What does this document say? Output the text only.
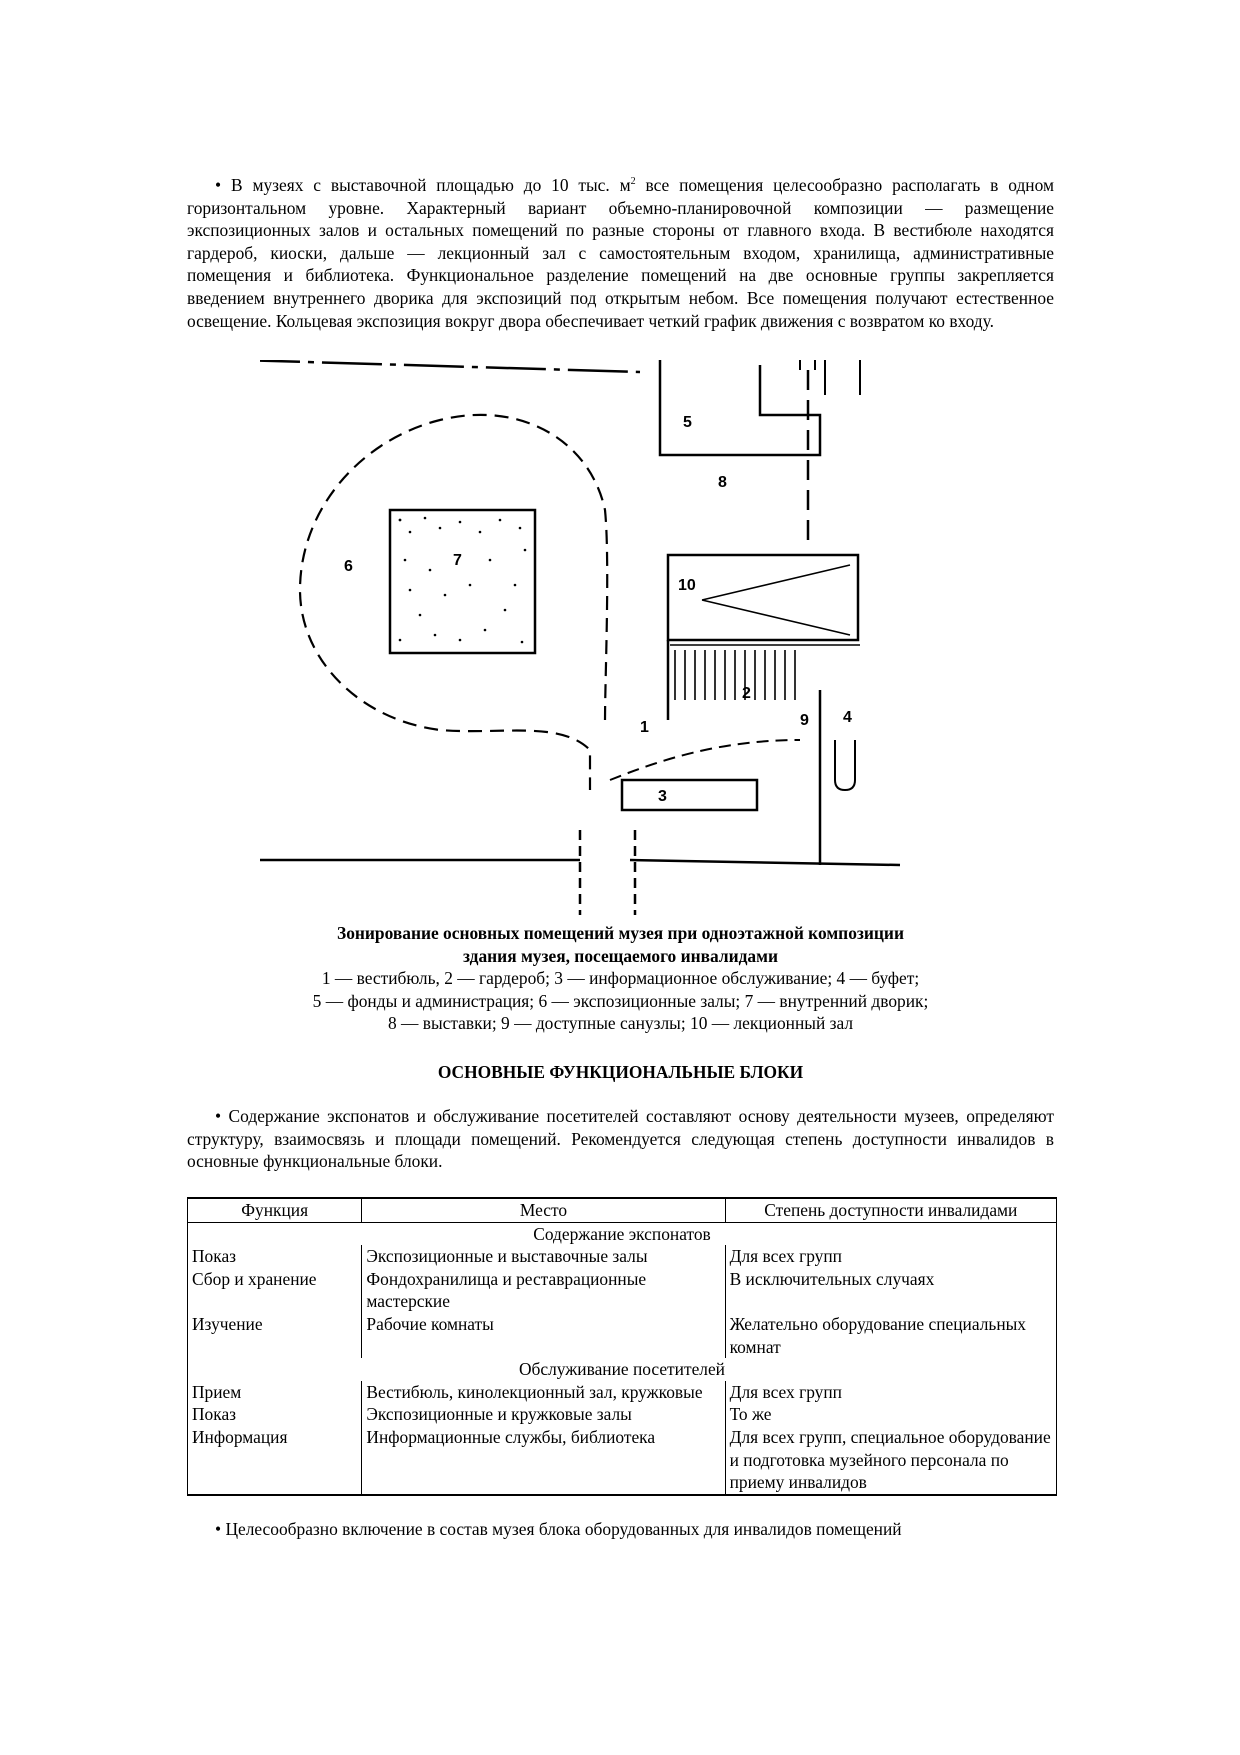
• В музеях с выставочной площадью до 10 тыс. $м^2$ все помещения целесообразно располагать в одном горизонтальном уровне. Характерный вариант объемно-планировочной композиции — размещение экспозиционных залов и остальных помещений по разные стороны от главного входа. В вестибюле находятся гардероб, киоски, дальше — лекционный зал с самостоятельным входом, хранилища, административные помещения и библиотека. Функциональное разделение помещений на две основные группы закрепляется введением внутреннего дворика для экспозиций под открытым небом. Все помещения получают естественное освещение. Кольцевая экспозиция вокруг двора обеспечивает четкий график движения с возвратом ко входу.

1
2
3
4
5
6	7
8
9
10
Зонирование основных помещений музея при одноэтажной композиции
здания музея, посещаемого инвалидами
1 — вестибюль, 2 — гардероб; 3 — информационное обслуживание; 4 — буфет;
5 — фонды и администрация; 6 — экспозиционные залы; 7 — внутренний дворик;
8 — выставки; 9 — доступные санузлы; 10 — лекционный зал
ОСНОВНЫЕ ФУНКЦИОНАЛЬНЫЕ БЛОКИ

• Содержание экспонатов и обслуживание посетителей составляют основу деятельности музеев, определяют структуру, взаимосвязь и площади помещений. Рекомендуется следующая степень доступности инвалидов в основные функциональные блоки.

Функция	Место	Степень доступности инвалидами
Содержание экспонатов		
Показ	Экспозиционные и выставочные залы	Для всех групп
Сбор и хранение	Фондохранилища и реставрационные мастерские	В исключительных случаях
Изучение	Рабочие комнаты	Желательно оборудование специальных комнат
Обслуживание посетителей		
Прием	Вестибюль, кинолекционный зал, кружковые	Для всех групп
Показ	Экспозиционные и кружковые залы	То же
Информация	Информационные службы, библиотека	Для всех групп, специальное оборудование и подготовка музейного персонала по приему инвалидов

• Целесообразно включение в состав музея блока оборудованных для инвалидов помещений
